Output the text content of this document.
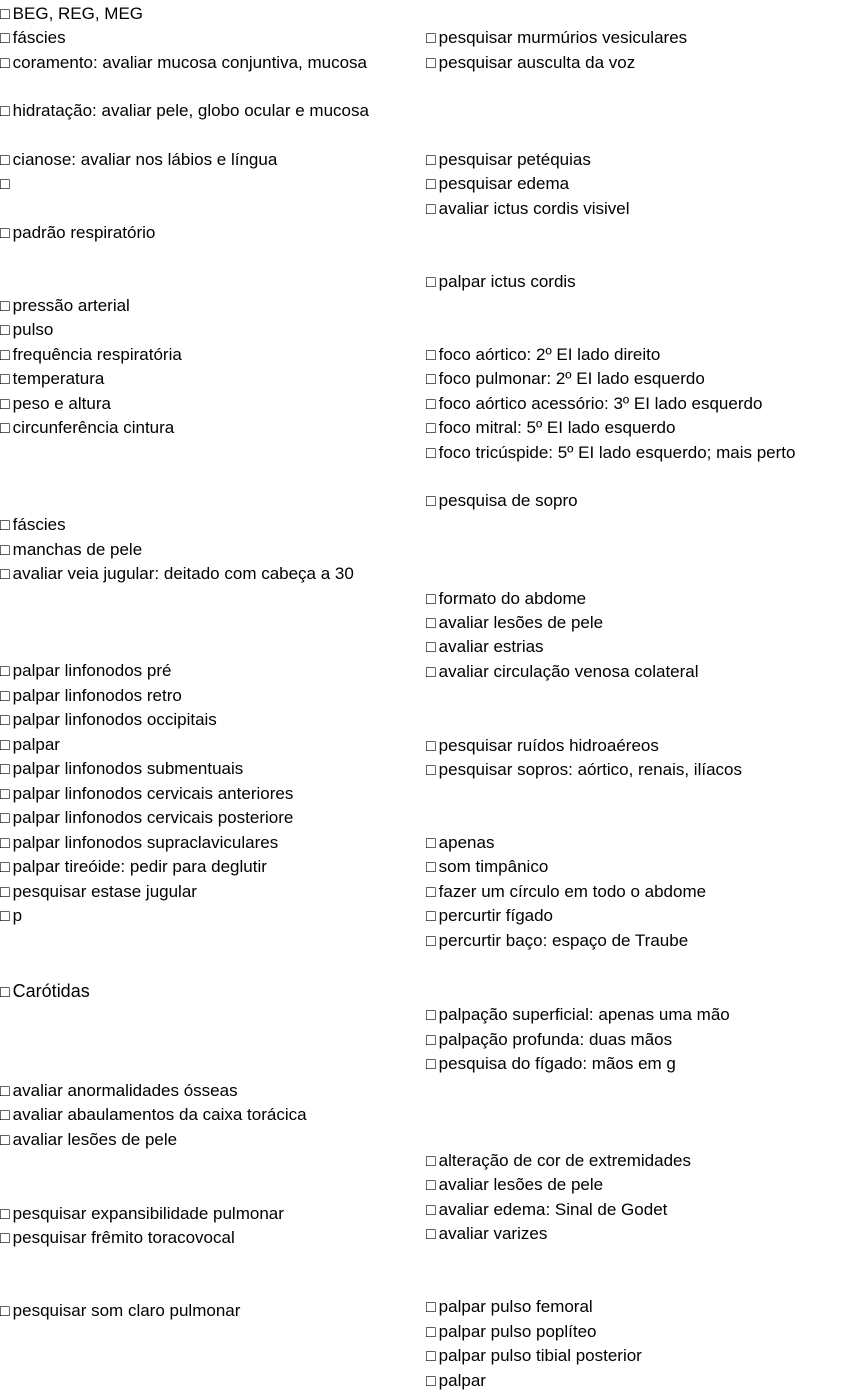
□ BEG, REG, MEG
□ fáscies
□ coramento: avaliar mucosa conjuntiva, mucosa
□ hidratação: avaliar pele, globo ocular e mucosa
□ cianose: avaliar nos lábios e língua
□
□ padrão respiratório
□ pressão arterial
□ pulso
□ frequência respiratória
□ temperatura
□ peso e altura
□ circunferência cintura
□ fáscies
□ manchas de pele
□ avaliar veia jugular: deitado com cabeça a 30
□ palpar linfonodos pré
□ palpar linfonodos retro
□ palpar linfonodos occipitais
□ palpar
□ palpar linfonodos submentuais
□ palpar linfonodos cervicais anteriores
□ palpar linfonodos cervicais posteriore
□ palpar linfonodos supraclaviculares
□ palpar tireóide: pedir para deglutir
□ pesquisar estase jugular
□ p
□ Carótidas
□ avaliar anormalidades ósseas
□ avaliar abaulamentos da caixa torácica
□ avaliar lesões de pele
□ pesquisar expansibilidade pulmonar
□ pesquisar frêmito toracovocal
□ pesquisar som claro pulmonar
□ pesquisar murmúrios vesiculares
□ pesquisar ausculta da voz
□ pesquisar petéquias
□ pesquisar edema
□ avaliar ictus cordis visivel
□ palpar ictus cordis
□ foco aórtico: 2º EI lado direito
□ foco pulmonar: 2º EI lado esquerdo
□ foco aórtico acessório: 3º EI lado esquerdo
□ foco mitral: 5º EI lado esquerdo
□ foco tricúspide: 5º EI lado esquerdo; mais perto
□ pesquisa de sopro
□ formato do abdome
□ avaliar lesões de pele
□ avaliar estrias
□ avaliar circulação venosa colateral
□ pesquisar ruídos hidroaéreos
□ pesquisar sopros: aórtico, renais, ilíacos
□ apenas
□ som timpânico
□ fazer um círculo em todo o abdome
□ percurtir fígado
□ percurtir baço: espaço de Traube
□ palpação superficial: apenas uma mão
□ palpação profunda: duas mãos
□ pesquisa do fígado: mãos em g
□ alteração de cor de extremidades
□ avaliar lesões de pele
□ avaliar edema: Sinal de Godet
□ avaliar varizes
□ palpar pulso femoral
□ palpar pulso poplíteo
□ palpar pulso tibial posterior
□ palpar
